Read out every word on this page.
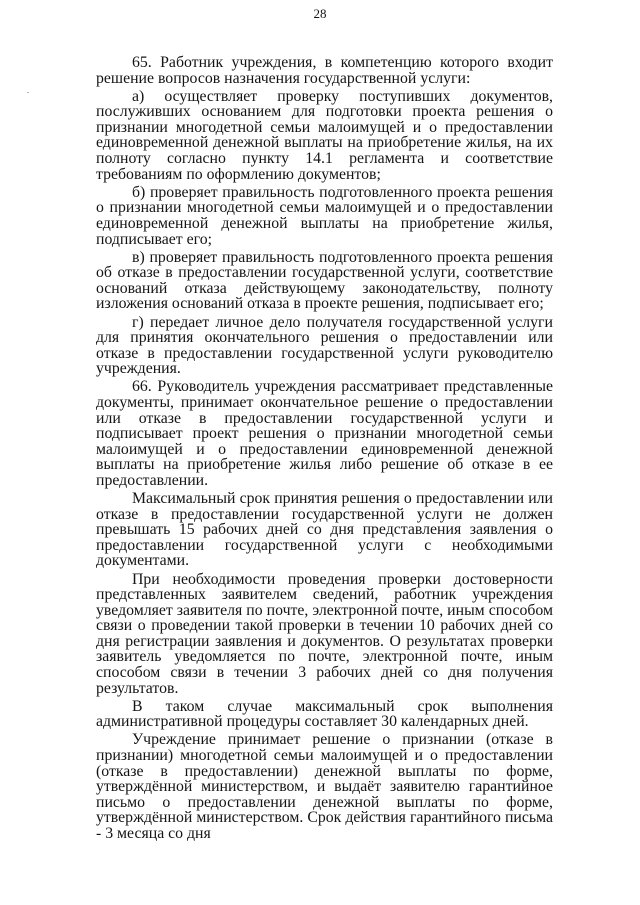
28

65. Работник учреждения, в компетенцию которого входит решение вопросов назначения государственной услуги:

а) осуществляет проверку поступивших документов, послуживших основанием для подготовки проекта решения о признании многодетной семьи малоимущей и о предоставлении единовременной денежной выплаты на приобретение жилья, на их полноту согласно пункту 14.1 регламента и соответствие требованиям по оформлению документов;

б) проверяет правильность подготовленного проекта решения о признании многодетной семьи малоимущей и о предоставлении единовременной денежной выплаты на приобретение жилья, подписывает его;

в) проверяет правильность подготовленного проекта решения об отказе в предоставлении государственной услуги, соответствие оснований отказа действующему законодательству, полноту изложения оснований отказа в проекте решения, подписывает его;

г) передает личное дело получателя государственной услуги для принятия окончательного решения о предоставлении или отказе в предоставлении государственной услуги руководителю учреждения.

66. Руководитель учреждения рассматривает представленные документы, принимает окончательное решение о предоставлении или отказе в предоставлении государственной услуги и подписывает проект решения о признании многодетной семьи малоимущей и о предоставлении единовременной денежной выплаты на приобретение жилья либо решение об отказе в ее предоставлении.

Максимальный срок принятия решения о предоставлении или отказе в предоставлении государственной услуги не должен превышать 15 рабочих дней со дня представления заявления о предоставлении государственной услуги с необходимыми документами.

При необходимости проведения проверки достоверности представленных заявителем сведений, работник учреждения уведомляет заявителя по почте, электронной почте, иным способом связи о проведении такой проверки в течении 10 рабочих дней со дня регистрации заявления и документов. О результатах проверки заявитель уведомляется по почте, электронной почте, иным способом связи в течении 3 рабочих дней со дня получения результатов.

В таком случае максимальный срок выполнения административной процедуры составляет 30 календарных дней.

Учреждение принимает решение о признании (отказе в признании) многодетной семьи малоимущей и о предоставлении (отказе в предоставлении) денежной выплаты по форме, утверждённой министерством, и выдаёт заявителю гарантийное письмо о предоставлении денежной выплаты по форме, утверждённой министерством. Срок действия гарантийного письма - 3 месяца со дня
